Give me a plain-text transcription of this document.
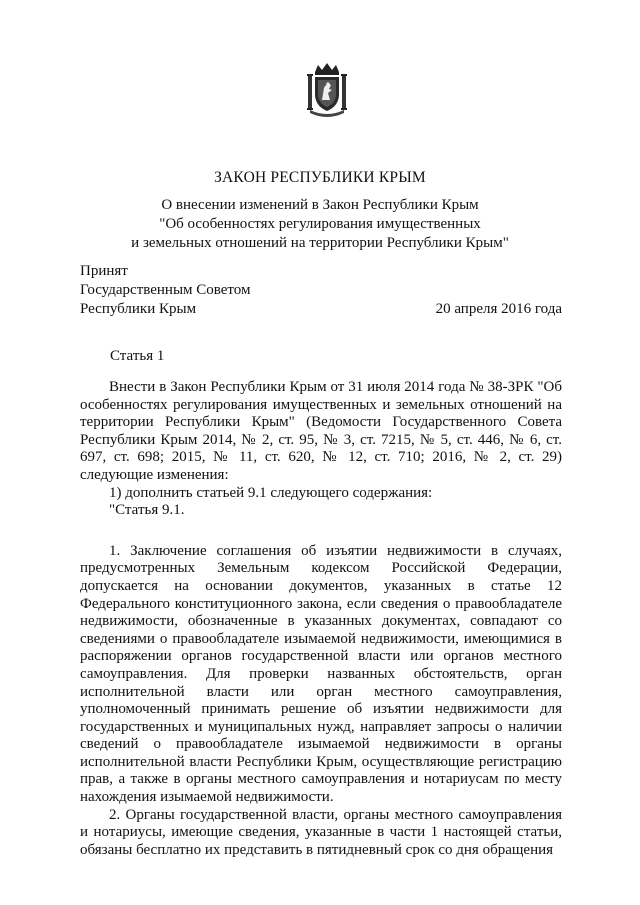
ЗАКОН РЕСПУБЛИКИ КРЫМ
О внесении изменений в Закон Республики Крым
"Об особенностях регулирования имущественных
и земельных отношений на территории Республики Крым"
Принят
Государственным Советом
Республики Крым	20 апреля 2016 года
Статья 1

Внести в Закон Республики Крым от 31 июля 2014 года № 38-ЗРК "Об особенностях регулирования имущественных и земельных отношений на территории Республики Крым" (Ведомости Государственного Совета Республики Крым 2014, № 2, ст. 95, № 3, ст. 7215, № 5, ст. 446, № 6, ст. 697, ст. 698; 2015, № 11, ст. 620, № 12, ст. 710; 2016, № 2, ст. 29) следующие изменения:

1) дополнить статьей 9.1 следующего содержания:

"Статья 9.1.

1. Заключение соглашения об изъятии недвижимости в случаях, предусмотренных Земельным кодексом Российской Федерации, допускается на основании документов, указанных в статье 12 Федерального конституционного закона, если сведения о правообладателе недвижимости, обозначенные в указанных документах, совпадают со сведениями о правообладателе изымаемой недвижимости, имеющимися в распоряжении органов государственной власти или органов местного самоуправления. Для проверки названных обстоятельств, орган исполнительной власти или орган местного самоуправления, уполномоченный принимать решение об изъятии недвижимости для государственных и муниципальных нужд, направляет запросы о наличии сведений о правообладателе изымаемой недвижимости в органы исполнительной власти Республики Крым, осуществляющие регистрацию прав, а также в органы местного самоуправления и нотариусам по месту нахождения изымаемой недвижимости.

2. Органы государственной власти, органы местного самоуправления и нотариусы, имеющие сведения, указанные в части 1 настоящей статьи, обязаны бесплатно их представить в пятидневный срок со дня обращения
